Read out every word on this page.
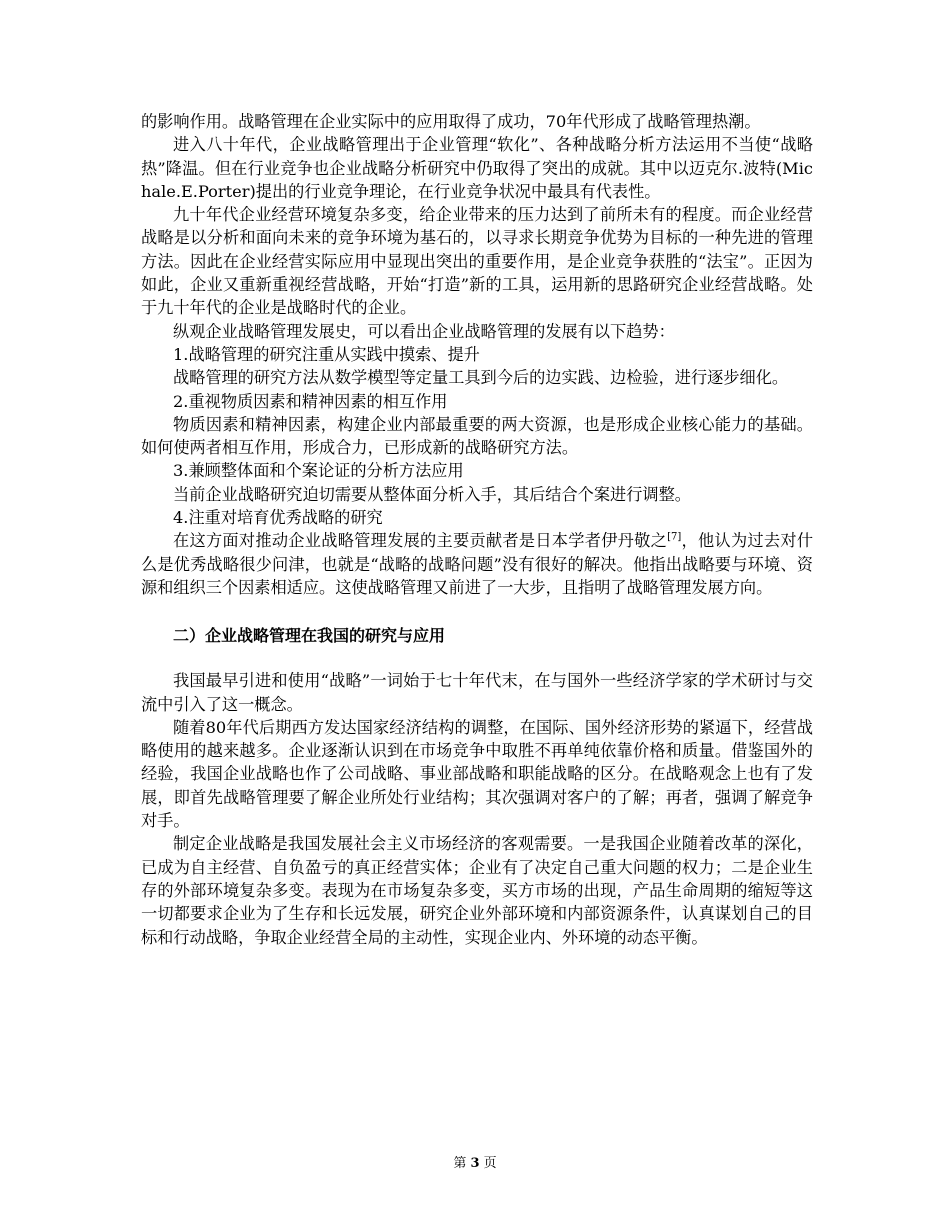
的影响作用。战略管理在企业实际中的应用取得了成功，70年代形成了战略管理热潮。

进入八十年代，企业战略管理出于企业管理“软化”、各种战略分析方法运用不当使“战略热”降温。但在行业竞争也企业战略分析研究中仍取得了突出的成就。其中以迈克尔.波特(Michale.E.Porter)提出的行业竞争理论，在行业竞争状况中最具有代表性。

九十年代企业经营环境复杂多变，给企业带来的压力达到了前所未有的程度。而企业经营战略是以分析和面向未来的竞争环境为基石的，以寻求长期竞争优势为目标的一种先进的管理方法。因此在企业经营实际应用中显现出突出的重要作用，是企业竞争获胜的“法宝”。正因为如此，企业又重新重视经营战略，开始“打造”新的工具，运用新的思路研究企业经营战略。处于九十年代的企业是战略时代的企业。

纵观企业战略管理发展史，可以看出企业战略管理的发展有以下趋势：

1.战略管理的研究注重从实践中摸索、提升

战略管理的研究方法从数学模型等定量工具到今后的边实践、边检验，进行逐步细化。

2.重视物质因素和精神因素的相互作用

物质因素和精神因素，构建企业内部最重要的两大资源，也是形成企业核心能力的基础。如何使两者相互作用，形成合力，已形成新的战略研究方法。

3.兼顾整体面和个案论证的分析方法应用

当前企业战略研究迫切需要从整体面分析入手，其后结合个案进行调整。

4.注重对培育优秀战略的研究

在这方面对推动企业战略管理发展的主要贡献者是日本学者伊丹敬之[7]，他认为过去对什么是优秀战略很少问津，也就是“战略的战略问题”没有很好的解决。他指出战略要与环境、资源和组织三个因素相适应。这使战略管理又前进了一大步，且指明了战略管理发展方向。

二）企业战略管理在我国的研究与应用

我国最早引进和使用“战略”一词始于七十年代末，在与国外一些经济学家的学术研讨与交流中引入了这一概念。

随着80年代后期西方发达国家经济结构的调整，在国际、国外经济形势的紧逼下，经营战略使用的越来越多。企业逐渐认识到在市场竞争中取胜不再单纯依靠价格和质量。借鉴国外的经验，我国企业战略也作了公司战略、事业部战略和职能战略的区分。在战略观念上也有了发展，即首先战略管理要了解企业所处行业结构；其次强调对客户的了解；再者，强调了解竞争对手。

制定企业战略是我国发展社会主义市场经济的客观需要。一是我国企业随着改革的深化，已成为自主经营、自负盈亏的真正经营实体；企业有了决定自己重大问题的权力；二是企业生存的外部环境复杂多变。表现为在市场复杂多变，买方市场的出现，产品生命周期的缩短等这一切都要求企业为了生存和长远发展，研究企业外部环境和内部资源条件，认真谋划自己的目标和行动战略，争取企业经营全局的主动性，实现企业内、外环境的动态平衡。

第 3 页
